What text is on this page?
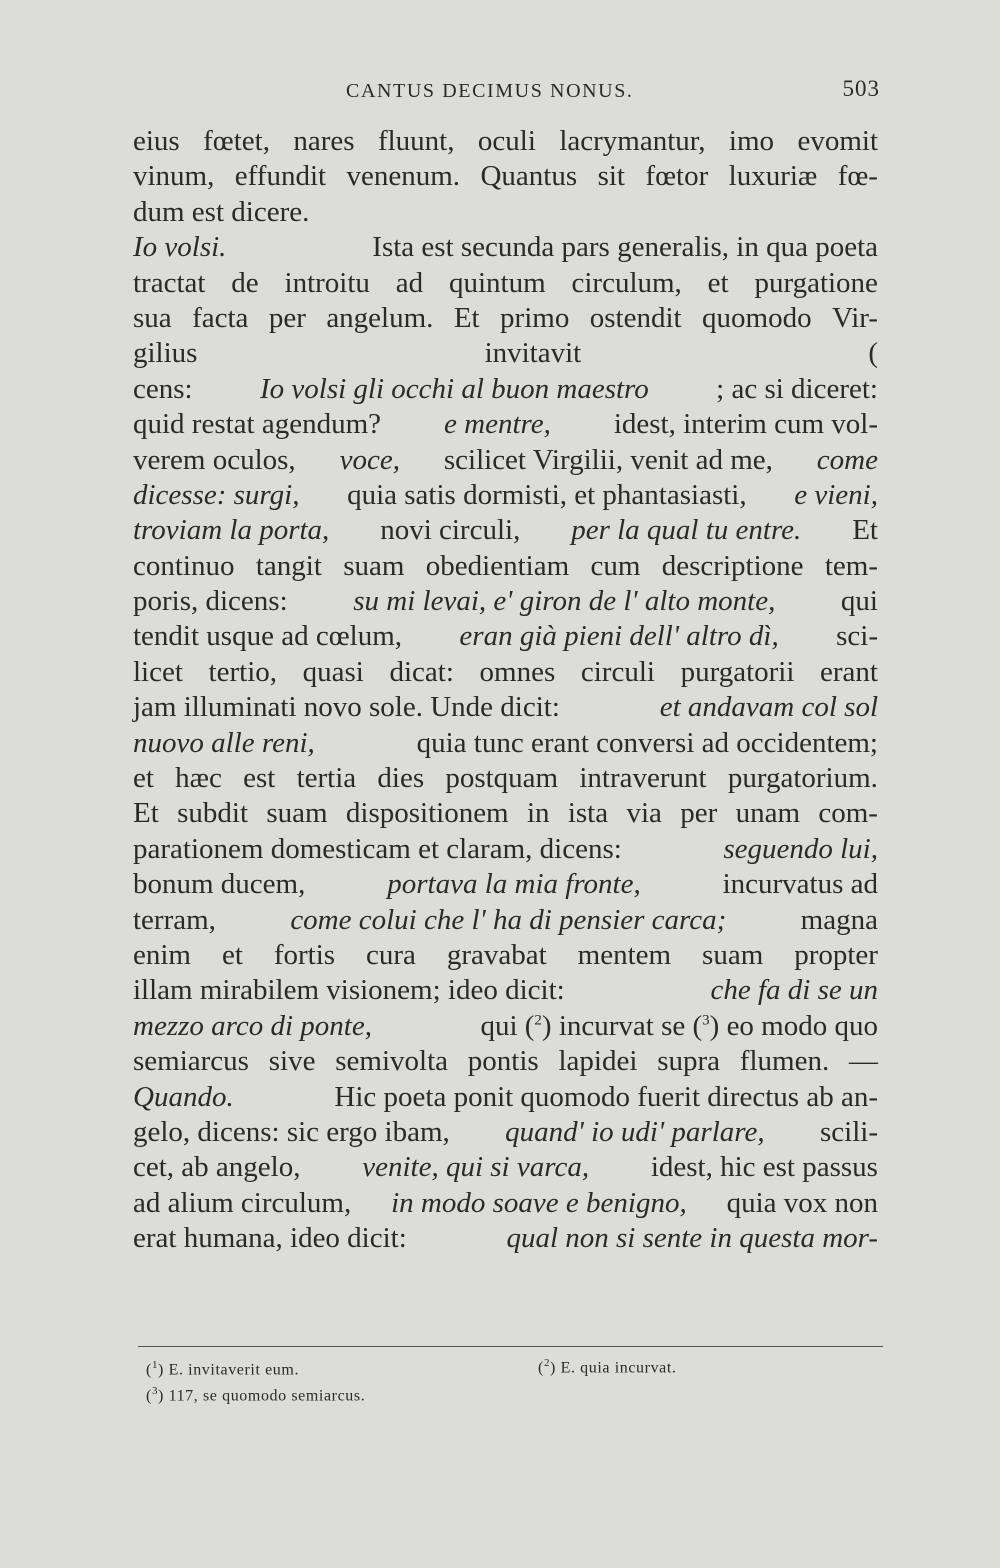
CANTUS DECIMUS NONUS.	503
eius fœtet, nares fluunt, oculi lacrymantur, imo evomit
vinum, effundit venenum. Quantus sit fœtor luxuriæ fœ-
dum est dicere.
Io volsi.	Ista est secunda pars generalis, in qua poeta
tractat de introitu ad quintum circulum, et purgatione
sua facta per angelum. Et primo ostendit quomodo Vir-
gilius	invitavit	(
cens: Io volsi gli occhi al buon maestro ; ac si diceret:
quid restat agendum? e mentre, idest, interim cum vol-
verem oculos, voce, scilicet Virgilii, venit ad me, come
dicesse: surgi, quia satis dormisti, et phantasiasti, e vieni,
troviam la porta, novi circuli, per la qual tu entre. Et
continuo tangit suam obedientiam cum descriptione tem-
poris, dicens: su mi levai, e' giron de l' alto monte, qui
tendit usque ad cœlum, eran già pieni dell' altro dì, sci-
licet tertio, quasi dicat: omnes circuli purgatorii erant
jam illuminati novo sole. Unde dicit:	et andavam col sol
nuovo alle reni,	quia tunc erant conversi ad occidentem;
et hæc est tertia dies postquam intraverunt purgatorium.
Et subdit suam dispositionem in ista via per unam com-
parationem domesticam et claram, dicens:	seguendo lui,
bonum ducem,	portava la mia fronte,	incurvatus ad
terram,	come colui che l' ha di pensier carca;	magna
enim et fortis cura gravabat mentem suam propter
illam mirabilem visionem; ideo dicit:	che fa di se un
mezzo arco di ponte,	qui ($^2$) incurvat se ($^3$) eo modo quo
semiarcus sive semivolta pontis lapidei supra flumen. —
Quando.	Hic poeta ponit quomodo fuerit directus ab an-
gelo, dicens: sic ergo ibam, quand' io udi' parlare, scili-
cet, ab angelo, venite, qui si varca, idest, hic est passus
ad alium circulum, in modo soave e benigno, quia vox non
erat humana, ideo dicit:	qual non si sente in questa mor-
($^1$) E. invitaverit eum.	($^2$) E. quia incurvat.
($^3$) 117, se quomodo semiarcus.
